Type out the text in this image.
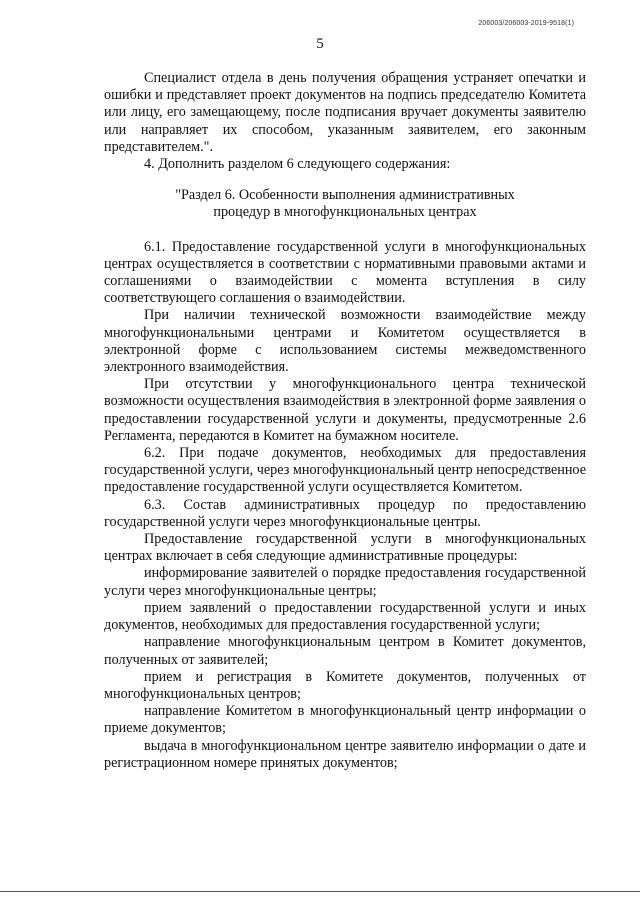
206003/206003-2019-9518(1)
5

Специалист отдела в день получения обращения устраняет опечатки и ошибки и представляет проект документов на подпись председателю Комитета или лицу, его замещающему, после подписания вручает документы заявителю или направляет их способом, указанным заявителем, его законным представителем.".

4. Дополнить разделом 6 следующего содержания:

"Раздел 6. Особенности выполнения административных процедур в многофункциональных центрах

6.1. Предоставление государственной услуги в многофункциональных центрах осуществляется в соответствии с нормативными правовыми актами и соглашениями о взаимодействии с момента вступления в силу соответствующего соглашения о взаимодействии.

При наличии технической возможности взаимодействие между многофункциональными центрами и Комитетом осуществляется в электронной форме с использованием системы межведомственного электронного взаимодействия.

При отсутствии у многофункционального центра технической возможности осуществления взаимодействия в электронной форме заявления о предоставлении государственной услуги и документы, предусмотренные 2.6 Регламента, передаются в Комитет на бумажном носителе.

6.2. При подаче документов, необходимых для предоставления государственной услуги, через многофункциональный центр непосредственное предоставление государственной услуги осуществляется Комитетом.

6.3. Состав административных процедур по предоставлению государственной услуги через многофункциональные центры.

Предоставление государственной услуги в многофункциональных центрах включает в себя следующие административные процедуры:

информирование заявителей о порядке предоставления государственной услуги через многофункциональные центры;

прием заявлений о предоставлении государственной услуги и иных документов, необходимых для предоставления государственной услуги;

направление многофункциональным центром в Комитет документов, полученных от заявителей;

прием и регистрация в Комитете документов, полученных от многофункциональных центров;

направление Комитетом в многофункциональный центр информации о приеме документов;

выдача в многофункциональном центре заявителю информации о дате и регистрационном номере принятых документов;
